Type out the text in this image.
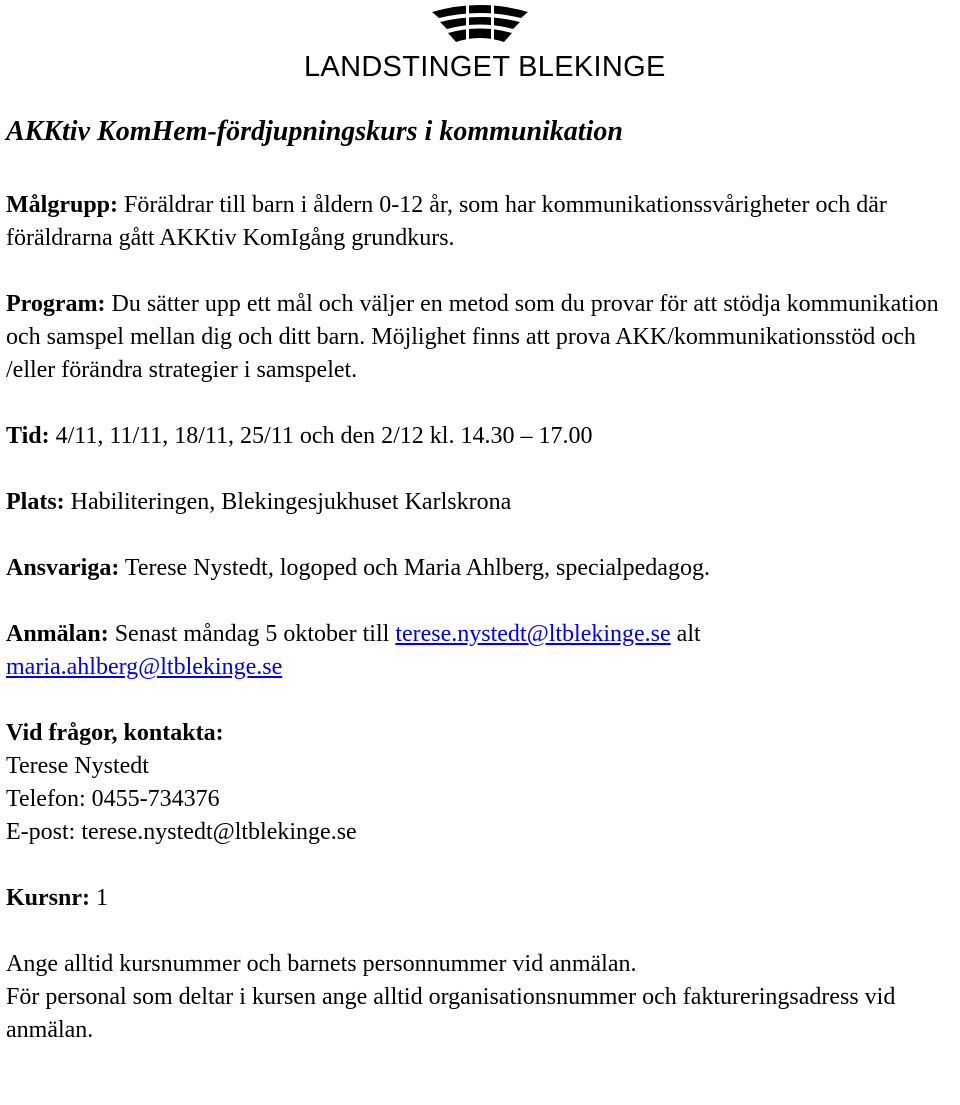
LANDSTINGET BLEKINGE
AKKtiv KomHem-fördjupningskurs i kommunikation

Målgrupp: Föräldrar till barn i åldern 0-12 år, som har kommunikationssvårigheter och där föräldrarna gått AKKtiv KomIgång grundkurs.

Program: Du sätter upp ett mål och väljer en metod som du provar för att stödja kommunikation och samspel mellan dig och ditt barn. Möjlighet finns att prova AKK/kommunikationsstöd och /eller förändra strategier i samspelet.

Tid: 4/11, 11/11, 18/11, 25/11 och den 2/12 kl. 14.30 – 17.00

Plats: Habiliteringen, Blekingesjukhuset Karlskrona

Ansvariga: Terese Nystedt, logoped och Maria Ahlberg, specialpedagog.

Anmälan: Senast måndag 5 oktober till terese.nystedt@ltblekinge.se alt maria.ahlberg@ltblekinge.se

Vid frågor, kontakta:

Terese Nystedt

Telefon: 0455-734376

E-post: terese.nystedt@ltblekinge.se

Kursnr: 1

Ange alltid kursnummer och barnets personnummer vid anmälan.

För personal som deltar i kursen ange alltid organisationsnummer och faktureringsadress vid anmälan.
